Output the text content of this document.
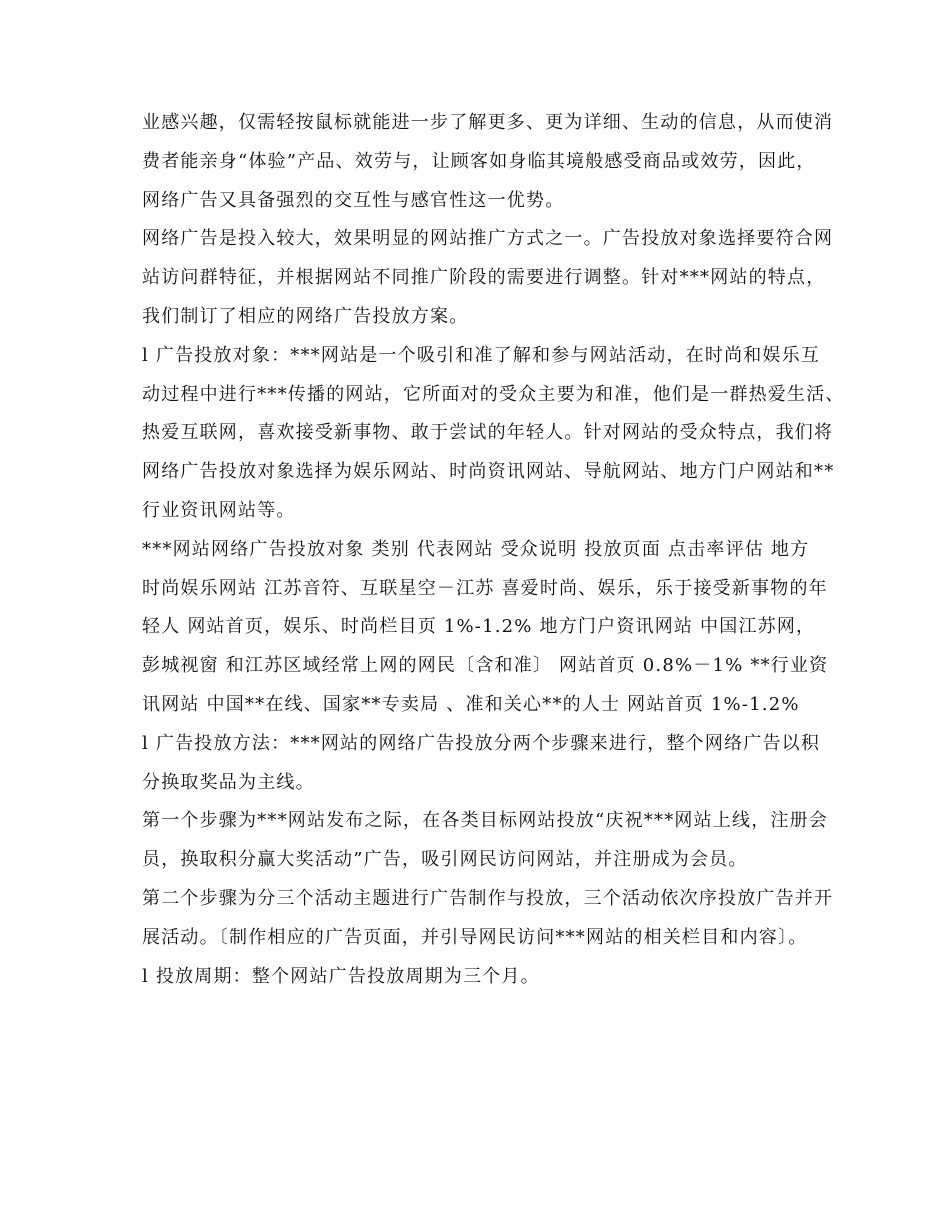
业感兴趣，仅需轻按鼠标就能进一步了解更多、更为详细、生动的信息，从而使消
费者能亲身“体验”产品、效劳与，让顾客如身临其境般感受商品或效劳，因此，
网络广告又具备强烈的交互性与感官性这一优势。
网络广告是投入较大，效果明显的网站推广方式之一。广告投放对象选择要符合网
站访问群特征，并根据网站不同推广阶段的需要进行调整。针对***网站的特点，
我们制订了相应的网络广告投放方案。
l 广告投放对象：***网站是一个吸引和准了解和参与网站活动，在时尚和娱乐互
动过程中进行***传播的网站，它所面对的受众主要为和准，他们是一群热爱生活、
热爱互联网，喜欢接受新事物、敢于尝试的年轻人。针对网站的受众特点，我们将
网络广告投放对象选择为娱乐网站、时尚资讯网站、导航网站、地方门户网站和**
行业资讯网站等。
***网站网络广告投放对象 类别 代表网站 受众说明 投放页面 点击率评估 地方
时尚娱乐网站 江苏音符、互联星空－江苏 喜爱时尚、娱乐，乐于接受新事物的年
轻人 网站首页，娱乐、时尚栏目页 1%-1.2% 地方门户资讯网站 中国江苏网，
彭城视窗 和江苏区域经常上网的网民〔含和准〕 网站首页 0.8%－1% **行业资
讯网站 中国**在线、国家**专卖局 、准和关心**的人士 网站首页 1%-1.2%
l 广告投放方法：***网站的网络广告投放分两个步骤来进行，整个网络广告以积
分换取奖品为主线。
第一个步骤为***网站发布之际，在各类目标网站投放“庆祝***网站上线，注册会
员，换取积分赢大奖活动”广告，吸引网民访问网站，并注册成为会员。
第二个步骤为分三个活动主题进行广告制作与投放，三个活动依次序投放广告并开
展活动。〔制作相应的广告页面，并引导网民访问***网站的相关栏目和内容〕。
l 投放周期：整个网站广告投放周期为三个月。
